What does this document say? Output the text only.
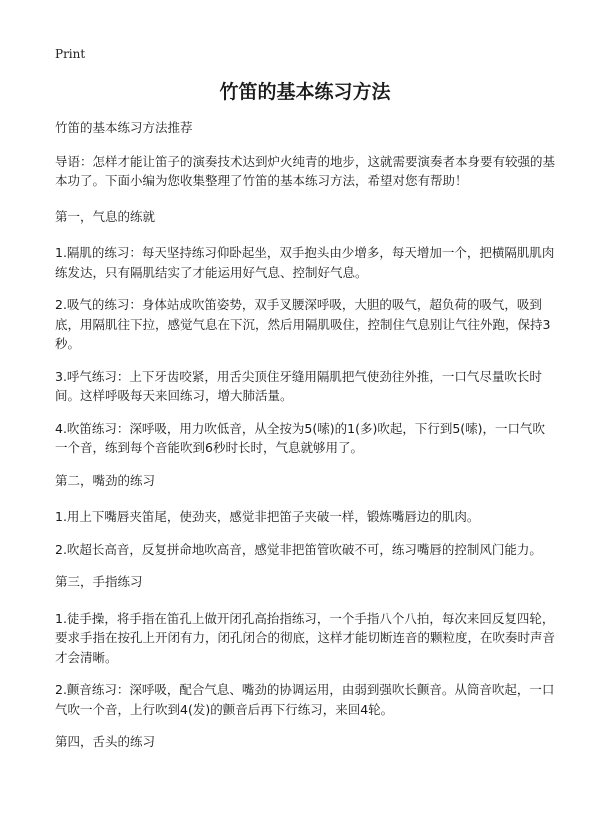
Print
竹笛的基本练习方法

竹笛的基本练习方法推荐

导语：怎样才能让笛子的演奏技术达到炉火纯青的地步，这就需要演奏者本身要有较强的基本功了。下面小编为您收集整理了竹笛的基本练习方法，希望对您有帮助！

第一，气息的练就

1.隔肌的练习：每天坚持练习仰卧起坐，双手抱头由少增多，每天增加一个，把横隔肌肌肉练发达，只有隔肌结实了才能运用好气息、控制好气息。

2.吸气的练习：身体站成吹笛姿势，双手叉腰深呼吸，大胆的吸气，超负荷的吸气，吸到底，用隔肌往下拉，感觉气息在下沉，然后用隔肌吸住，控制住气息别让气往外跑，保持3秒。

3.呼气练习：上下牙齿咬紧，用舌尖顶住牙缝用隔肌把气使劲往外推，一口气尽量吹长时间。这样呼吸每天来回练习，增大肺活量。

4.吹笛练习：深呼吸，用力吹低音，从全按为5(嗦)的1(多)吹起，下行到5(嗦)，一口气吹一个音，练到每个音能吹到6秒时长时，气息就够用了。

第二，嘴劲的练习

1.用上下嘴唇夹笛尾，使劲夹，感觉非把笛子夹破一样，锻炼嘴唇边的肌肉。

2.吹超长高音，反复拼命地吹高音，感觉非把笛管吹破不可，练习嘴唇的控制风门能力。

第三，手指练习

1.徒手操，将手指在笛孔上做开闭孔高抬指练习，一个手指八个八拍，每次来回反复四轮，要求手指在按孔上开闭有力，闭孔闭合的彻底，这样才能切断连音的颗粒度，在吹奏时声音才会清晰。

2.颤音练习：深呼吸，配合气息、嘴劲的协调运用，由弱到强吹长颤音。从筒音吹起，一口气吹一个音，上行吹到4(发)的颤音后再下行练习，来回4轮。

第四，舌头的练习
